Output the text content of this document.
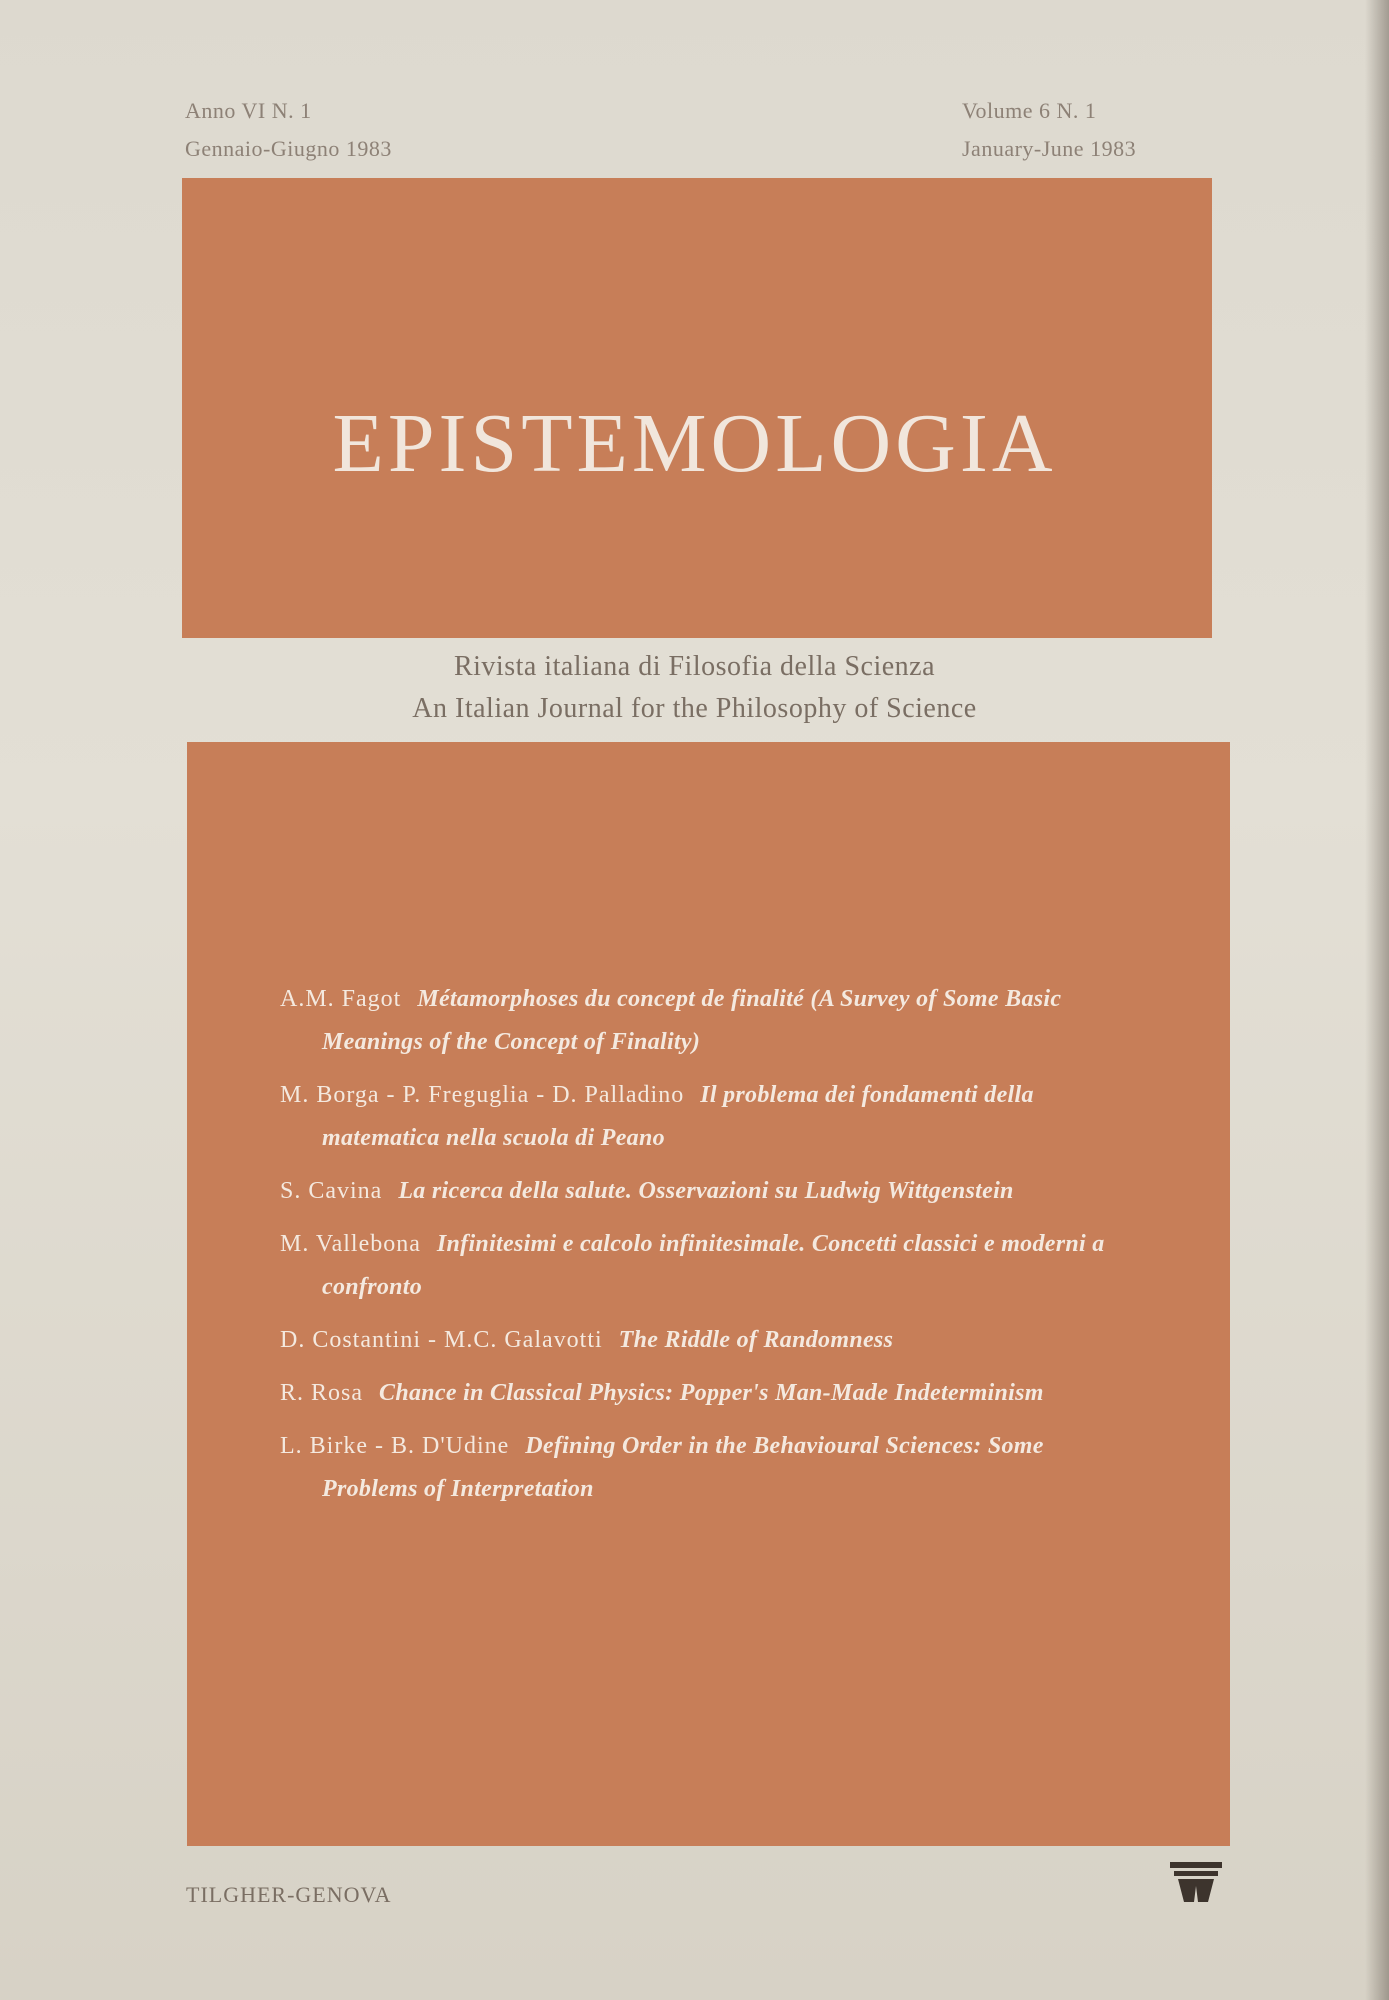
Anno VI N. 1
Gennaio-Giugno 1983
Volume 6 N. 1
January-June 1983
EPISTEMOLOGIA
Rivista italiana di Filosofia della Scienza
An Italian Journal for the Philosophy of Science
A.M. Fagot Métamorphoses du concept de finalité (A Survey of Some Basic Meanings of the Concept of Finality)
M. Borga - P. Freguglia - D. Palladino Il problema dei fondamenti della matematica nella scuola di Peano
S. Cavina La ricerca della salute. Osservazioni su Ludwig Wittgenstein
M. Vallebona Infinitesimi e calcolo infinitesimale. Concetti classici e moderni a confronto
D. Costantini - M.C. Galavotti The Riddle of Randomness
R. Rosa Chance in Classical Physics: Popper's Man-Made Indeterminism
L. Birke - B. D'Udine Defining Order in the Behavioural Sciences: Some Problems of Interpretation
TILGHER-GENOVA
